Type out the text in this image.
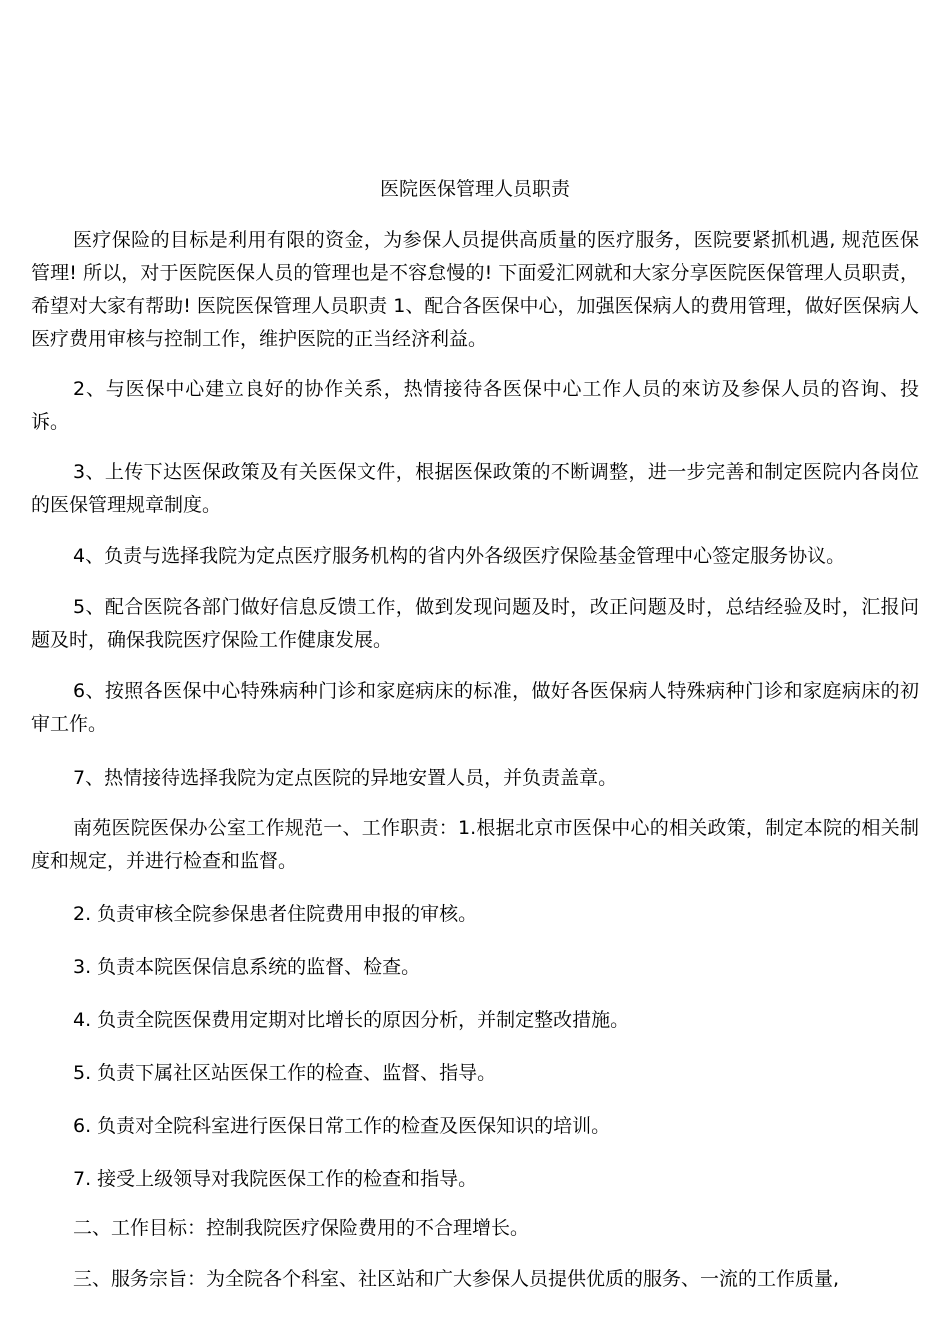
医院医保管理人员职责

医疗保险的目标是利用有限的资金，为参保人员提供高质量的医疗服务，医院要紧抓机遇, 规范医保管理! 所以，对于医院医保人员的管理也是不容怠慢的! 下面爱汇网就和大家分享医院医保管理人员职责，希望对大家有帮助! 医院医保管理人员职责 1、配合各医保中心，加强医保病人的费用管理，做好医保病人医疗费用审核与控制工作，维护医院的正当经济利益。

2、与医保中心建立良好的协作关系，热情接待各医保中心工作人员的來访及参保人员的咨询、投诉。

3、上传下达医保政策及有关医保文件，根据医保政策的不断调整，进一步完善和制定医院内各岗位的医保管理规章制度。

4、负责与选择我院为定点医疗服务机构的省内外各级医疗保险基金管理中心签定服务协议。

5、配合医院各部门做好信息反馈工作，做到发现问题及时，改正问题及时，总结经验及时，汇报问题及时，确保我院医疗保险工作健康发展。

6、按照各医保中心特殊病种门诊和家庭病床的标准，做好各医保病人特殊病种门诊和家庭病床的初审工作。

7、热情接待选择我院为定点医院的异地安置人员，并负责盖章。

南苑医院医保办公室工作规范一、工作职责：1.根据北京市医保中心的相关政策，制定本院的相关制度和规定，并进行检查和监督。

2. 负责审核全院参保患者住院费用申报的审核。

3. 负责本院医保信息系统的监督、检查。

4. 负责全院医保费用定期对比增长的原因分析，并制定整改措施。

5. 负责下属社区站医保工作的检查、监督、指导。

6. 负责对全院科室进行医保日常工作的检查及医保知识的培训。

7. 接受上级领导对我院医保工作的检查和指导。

二、工作目标：控制我院医疗保险费用的不合理增长。

三、服务宗旨：为全院各个科室、社区站和广大参保人员提供优质的服务、一流的工作质量,
